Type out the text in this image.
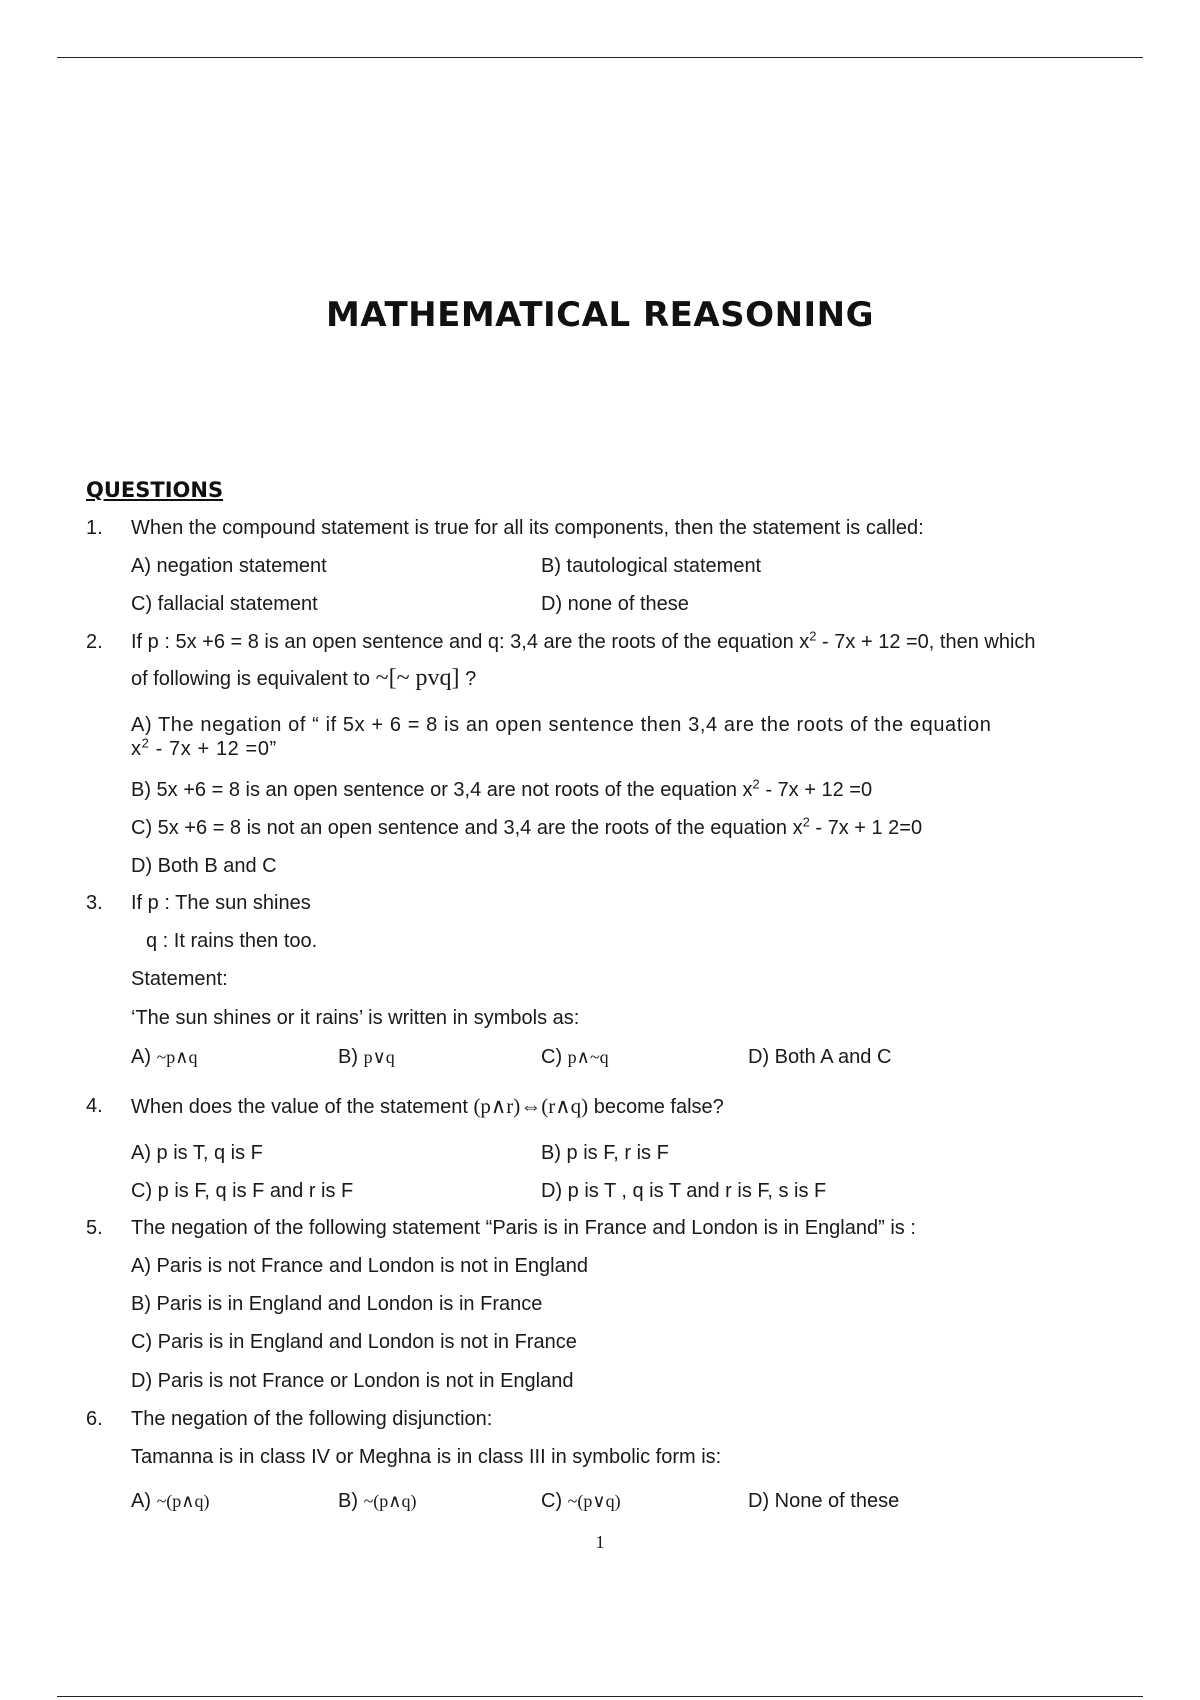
MATHEMATICAL REASONING
QUESTIONS
1. When the compound statement is true for all its components, then the statement is called:
A) negation statement	B) tautological statement
C) fallacial statement	D) none of these
2. If p : 5x +6 = 8 is an open sentence and q: 3,4 are the roots of the equation $x^2 - 7x + 12 =0$, then which
of following is equivalent to ~[~ pvq] ?
A) The negation of “ if 5x + 6 = 8 is an open sentence then 3,4 are the roots of the equation
$x^2 - 7x + 12 =0$”
B) 5x +6 = 8 is an open sentence or 3,4 are not roots of the equation $x^2 - 7x + 12 =0$
C) 5x +6 = 8 is not an open sentence and 3,4 are the roots of the equation $x^2 - 7x + 1$ 2=0
D) Both B and C
3. If p : The sun shines
q : It rains then too.
Statement:
‘The sun shines or it rains’ is written in symbols as:
A) ~p∧q	B) p∨q	C) p∧~q	D) Both A and C
4. When does the value of the statement (p∧r)⇔(r∧q) become false?
A) p is T, q is F	B) p is F, r is F
C) p is F, q is F and r is F	D) p is T , q is T and r is F, s is F
5. The negation of the following statement “Paris is in France and London is in England” is :
A) Paris is not France and London is not in England
B) Paris is in England and London is in France
C) Paris is in England and London is not in France
D) Paris is not France or London is not in England
6. The negation of the following disjunction:
Tamanna is in class IV or Meghna is in class III in symbolic form is:
A) ~(p∧q)	B) ~(p∧q)	C) ~(p∨q)	D) None of these
1
